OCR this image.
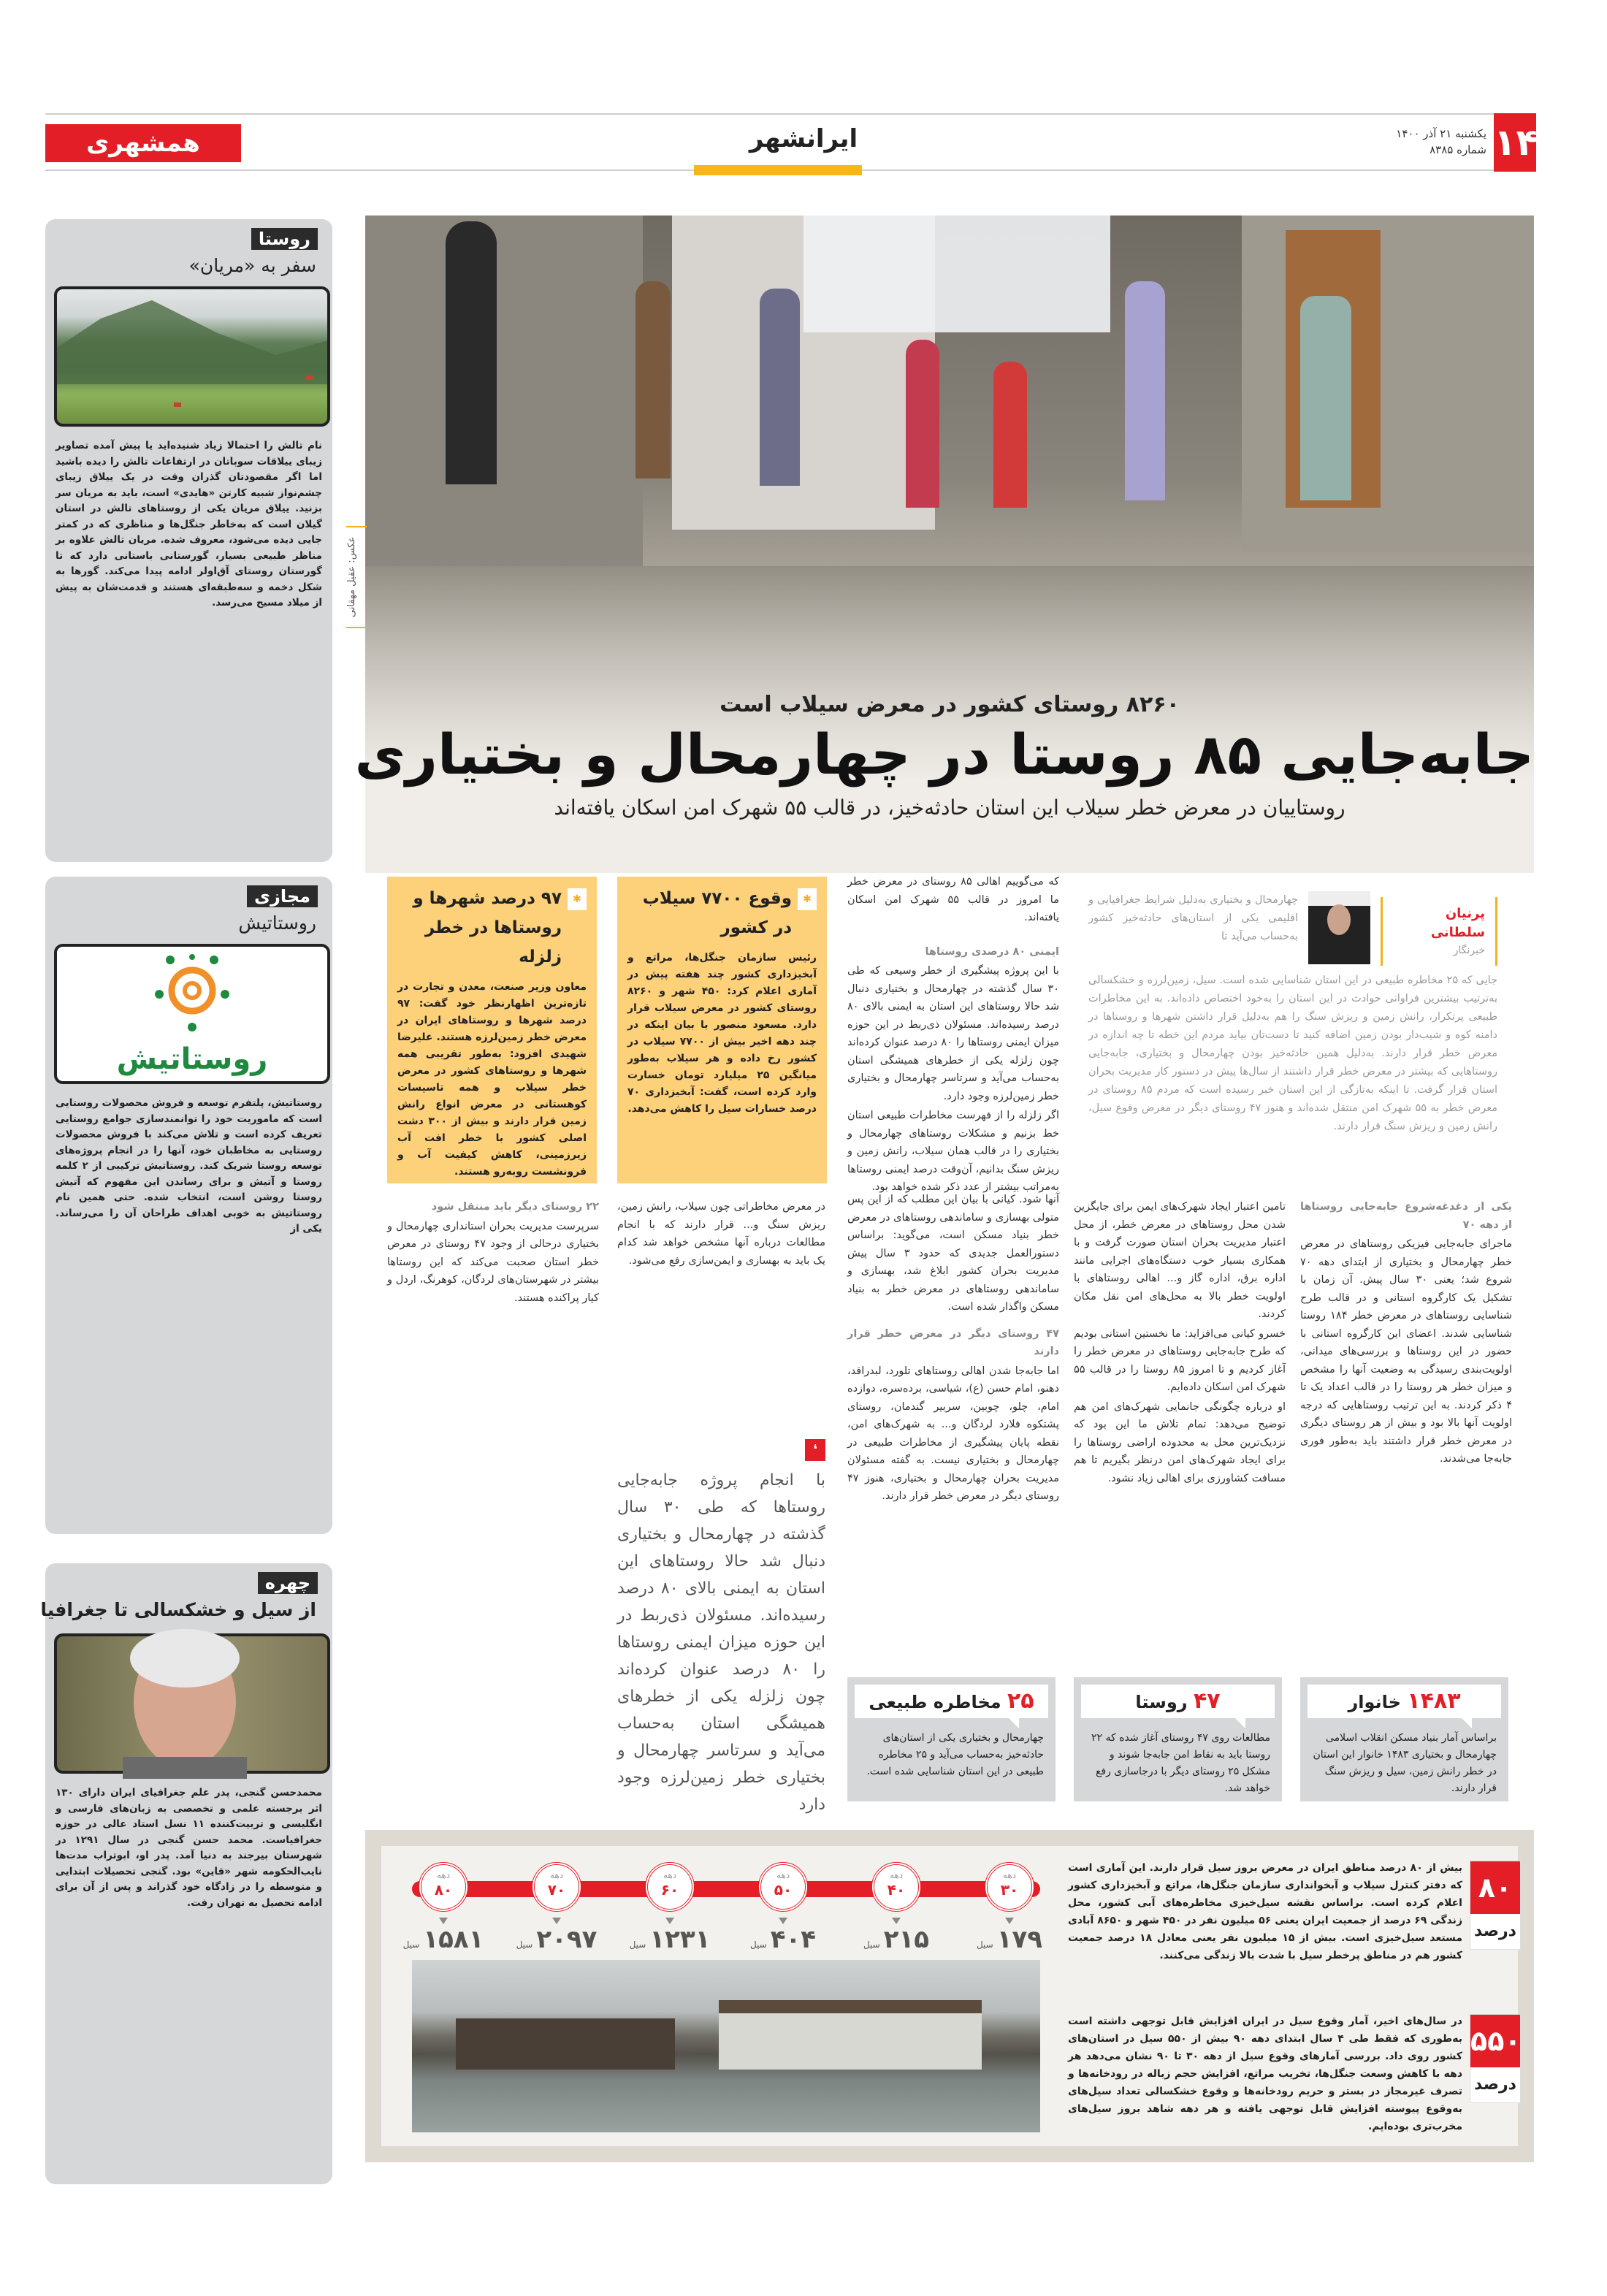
۱۴
یکشنبه ۲۱ آذر ۱۴۰۰
شماره ۸۳۸۵
ایرانشهر
همشهری
روستا
سفر به «مریان»
نام تالش را احتمالا زیاد شنیده‌اید یا پیش آمده تصاویر زیبای ییلاقات سوباتان در ارتفاعات تالش را دیده باشید اما اگر مقصودتان گذران وقت در یک ییلاق زیبای چشم‌نواز شبیه کارتن «هایدی» است، باید به مریان سر بزنید. ییلاق مریان یکی از روستاهای تالش در استان گیلان است که به‌خاطر جنگل‌ها و مناظری که در کمتر جایی دیده می‌شود، معروف شده. مریان تالش علاوه بر مناظر طبیعی بسیار، گورستانی باستانی دارد که تا گورستان روستای آق‌اولر ادامه پیدا می‌کند. گورها به شکل دخمه و سه‌طبقه‌ای هستند و قدمت‌شان به پیش از میلاد مسیح می‌رسد.
مجازی
روستاتیش
روستاتیش
روستاتیش، پلتفرم توسعه و فروش محصولات روستایی است که ماموریت خود را توانمندسازی جوامع روستایی تعریف کرده است و تلاش می‌کند با فروش محصولات روستایی به مخاطبان خود، آنها را در انجام پروژه‌های توسعه روستا شریک کند. روستاتیش ترکیبی از ۲ کلمه روستا و آتیش و برای رساندن این مفهوم که آتیش روستا روشن است، انتخاب شده. حتی همین نام روستاتیش به خوبی اهداف طراحان آن را می‌رساند. یکی از
چهره
از سیل و خشکسالی تا جغرافیا
محمدحسن گنجی، پدر علم جغرافیای ایران دارای ۱۳۰ اثر برجسته علمی و تخصصی به زبان‌های فارسی و انگلیسی و تربیت‌کننده ۱۱ نسل استاد عالی در حوزه جغرافیاست. محمد حسن گنجی در سال ۱۲۹۱ در شهرستان بیرجند به دنیا آمد. پدر او، ابوتراب مدت‌ها نایب‌الحکومه شهر «قاین» بود. گنجی تحصیلات ابتدایی و متوسطه را در زادگاه خود گذراند و پس از آن برای ادامه تحصیل به تهران رفت.
عکس: عقیل مهقانی
۸۲۶۰ روستای کشور در معرض سیلاب است
جابه‌جایی ۸۵ روستا در چهارمحال و بختیاری
روستاییان در معرض خطر سیلاب این استان حادثه‌خیز، در قالب ۵۵ شهرک امن اسکان یافته‌اند
پرنیان سلطانی
خبرنگار
چهارمحال و بختیاری به‌دلیل شرایط جغرافیایی و اقلیمی یکی از استان‌های حادثه‌خیز کشور به‌حساب می‌آید تا
جایی که ۲۵ مخاطره طبیعی در این استان شناسایی شده است. سیل، زمین‌لرزه و خشکسالی به‌ترتیب بیشترین فراوانی حوادث در این استان را به‌خود اختصاص داده‌اند. به این مخاطرات طبیعی پرتکرار، رانش زمین و ریزش سنگ را هم به‌دلیل قرار داشتن شهرها و روستاها در دامنه کوه و شیب‌دار بودن زمین اضافه کنید تا دست‌تان بیاید مردم این خطه تا چه اندازه در معرض خطر قرار دارند. به‌دلیل همین حادثه‌خیز بودن چهارمحال و بختیاری، جابه‌جایی روستاهایی که بیشتر در معرض خطر قرار داشتند از سال‌ها پیش در دستور کار مدیریت بحران استان قرار گرفت. تا اینکه به‌تازگی از این استان خبر رسیده است که مردم ۸۵ روستای در معرض خطر به ۵۵ شهرک امن منتقل شده‌اند و هنوز ۴۷ روستای دیگر در معرض وقوع سیل، رانش زمین و ریزش سنگ قرار دارند.

که می‌گوییم اهالی ۸۵ روستای در معرض خطر ما امروز در قالب ۵۵ شهرک امن اسکان یافته‌اند.

ایمنی ۸۰ درصدی روستاها

با این پروژه پیشگیری از خطر وسیعی که طی ۳۰ سال گذشته در چهارمحال و بختیاری دنبال شد حالا روستاهای این استان به ایمنی بالای ۸۰ درصد رسیده‌اند. مسئولان ذی‌ربط در این حوزه میزان ایمنی روستاها را ۸۰ درصد عنوان کرده‌اند چون زلزله یکی از خطرهای همیشگی استان به‌حساب می‌آید و سرتاسر چهارمحال و بختیاری خطر زمین‌لرزه وجود دارد.

اگر زلزله را از فهرست مخاطرات طبیعی استان خط بزنیم و مشکلات روستاهای چهارمحال و بختیاری را در قالب همان سیلاب، رانش زمین و ریزش سنگ بدانیم، آن‌وقت درصد ایمنی روستاها به‌مراتب بیشتر از عدد ذکر شده خواهد بود.

✱
وقوع ۷۷۰۰ سیلاب در کشور
رئیس سازمان جنگل‌ها، مراتع و آبخیزداری کشور چند هفته پیش در آماری اعلام کرد: ۴۵۰ شهر و ۸۲۶۰ روستای کشور در معرض سیلاب قرار دارد. مسعود منصور با بیان اینکه در چند دهه اخیر بیش از ۷۷۰۰ سیلاب در کشور رخ داده و هر سیلاب به‌طور میانگین ۲۵ میلیارد تومان خسارت وارد کرده است، گفت: آبخیزداری ۷۰ درصد خسارات سیل را کاهش می‌دهد.
✱
۹۷ درصد شهرها و روستاها در خطر زلزله
معاون وزیر صنعت، معدن و تجارت در تازه‌ترین اظهارنظر خود گفت: ۹۷ درصد شهرها و روستاهای ایران در معرض خطر زمین‌لرزه هستند. علیرضا شهیدی افزود: به‌طور تقریبی همه شهرها و روستاهای کشور در معرض خطر سیلاب و همه تاسیسات کوهستانی در معرض انواع رانش زمین قرار دارند و بیش از ۳۰۰ دشت اصلی کشور با خطر افت آب زیرزمینی، کاهش کیفیت آب و فرونشست روبه‌رو هستند.

یکی از دغدغه‌شروع جابه‌جایی روستاها از دهه ۷۰

ماجرای جابه‌جایی فیزیکی روستاهای در معرض خطر چهارمحال و بختیاری از ابتدای دهه ۷۰ شروع شد؛ یعنی ۳۰ سال پیش. آن زمان با تشکیل یک کارگروه استانی و در قالب طرح شناسایی روستاهای در معرض خطر ۱۸۴ روستا شناسایی شدند. اعضای این کارگروه استانی با حضور در این روستاها و بررسی‌های میدانی، اولویت‌بندی رسیدگی به وضعیت آنها را مشخص و میزان خطر هر روستا را در قالب اعداد یک تا ۴ ذکر کردند. به این ترتیب روستاهایی که درجه اولویت آنها بالا بود و بیش از هر روستای دیگری در معرض خطر قرار داشتند باید به‌طور فوری جابه‌جا می‌شدند.

تامین اعتبار ایجاد شهرک‌های ایمن برای جایگزین شدن محل روستاهای در معرض خطر، از محل اعتبار مدیریت بحران استان صورت گرفت و با همکاری بسیار خوب دستگاه‌های اجرایی مانند اداره برق، اداره گاز و... اهالی روستاهای با اولویت خطر بالا به محل‌های امن نقل مکان کردند.

خسرو کیانی می‌افزاید: ما نخستین استانی بودیم که طرح جابه‌جایی روستاهای در معرض خطر را آغاز کردیم و تا امروز ۸۵ روستا را در قالب ۵۵ شهرک امن اسکان داده‌ایم.

او درباره چگونگی جانمایی شهرک‌های امن هم توضیح می‌دهد: تمام تلاش ما این بود که نزدیک‌ترین محل به محدوده اراضی روستاها را برای ایجاد شهرک‌های امن درنظر بگیریم تا هم مسافت کشاورزی برای اهالی زیاد نشود.

آنها شود. کیانی با بیان این مطلب که از این پس متولی بهسازی و ساماندهی روستاهای در معرض خطر بنیاد مسکن است، می‌گوید: براساس دستورالعمل جدیدی که حدود ۳ سال پیش مدیریت بحران کشور ابلاغ شد، بهسازی و ساماندهی روستاهای در معرض خطر به بنیاد مسکن واگذار شده است.

۴۷ روستای دیگر در معرض خطر قرار دارند

اما جابه‌جا شدن اهالی روستاهای تلورد، لبدراقد، دهنو، امام حسن (ع)، شیاسی، برده‌سره، دوازده امام، چلو، چوبین، سربیر گندمان، روستای پشتکوه فلارد لردگان و... به شهرک‌های امن، نقطه پایان پیشگیری از مخاطرات طبیعی در چهارمحال و بختیاری نیست. به گفته مسئولان مدیریت بحران چهارمحال و بختیاری، هنوز ۴۷ روستای دیگر در معرض خطر قرار دارند.

در معرض مخاطراتی چون سیلاب، رانش زمین، ریزش سنگ و... قرار دارند که با انجام مطالعات درباره آنها مشخص خواهد شد کدام یک باید به بهسازی و ایمن‌سازی رفع می‌شود.

❛
با انجام پروژه جابه‌جایی روستاها که طی ۳۰ سال گذشته در چهارمحال و بختیاری دنبال شد حالا روستاهای این استان به ایمنی بالای ۸۰ درصد رسیده‌اند. مسئولان ذی‌ربط در این حوزه میزان ایمنی روستاها را ۸۰ درصد عنوان کرده‌اند چون زلزله یکی از خطرهای همیشگی استان به‌حساب می‌آید و سرتاسر چهارمحال و بختیاری خطر زمین‌لرزه وجود دارد

۲۲ روستای دیگر باید منتقل شود

سرپرست مدیریت بحران استانداری چهارمحال و بختیاری درحالی از وجود ۴۷ روستای در معرض خطر استان صحبت می‌کند که این روستاها بیشتر در شهرستان‌های لردگان، کوهرنگ، اردل و کیار پراکنده هستند.

۱۴۸۳ خانوار
براساس آمار بنیاد مسکن انقلاب اسلامی چهارمحال و بختیاری ۱۴۸۳ خانوار این استان در خطر رانش زمین، سیل و ریزش سنگ قرار دارند.
۴۷ روستا
مطالعات روی ۴۷ روستای آغاز شده که ۲۲ روستا باید به نقاط امن جابه‌جا شوند و مشکل ۲۵ روستای دیگر با درجاسازی رفع خواهد شد.
۲۵ مخاطره طبیعی
چهارمحال و بختیاری یکی از استان‌های حادثه‌خیز به‌حساب می‌آید و ۲۵ مخاطره طبیعی در این استان شناسایی شده است.
دهه
۳۰
۱۷۹ سیل
دهه
۴۰
۲۱۵ سیل
دهه
۵۰
۴۰۴ سیل
دهه
۶۰
۱۲۳۱ سیل
دهه
۷۰
۲۰۹۷ سیل
دهه
۸۰
۱۵۸۱ سیل
۸۰
درصد
بیش از ۸۰ درصد مناطق ایران در معرض بروز سیل قرار دارند. این آماری است که دفتر کنترل سیلاب و آبخوانداری سازمان جنگل‌ها، مراتع و آبخیزداری کشور اعلام کرده است. براساس نقشه سیل‌خیزی مخاطره‌های آبی کشور، محل زندگی ۶۹ درصد از جمعیت ایران یعنی ۵۶ میلیون نفر در ۴۵۰ شهر و ۸۶۵۰ آبادی مستعد سیل‌خیزی است. بیش از ۱۵ میلیون نفر یعنی معادل ۱۸ درصد جمعیت کشور هم در مناطق پرخطر سیل با شدت بالا زندگی می‌کنند.
۵۵۰
درصد
در سال‌های اخیر، آمار وقوع سیل در ایران افزایش قابل توجهی داشته است به‌طوری که فقط طی ۴ سال ابتدای دهه ۹۰ بیش از ۵۵۰ سیل در استان‌های کشور روی داد. بررسی آمارهای وقوع سیل از دهه ۳۰ تا ۹۰ نشان می‌دهد هر دهه با کاهش وسعت جنگل‌ها، تخریب مراتع، افزایش حجم زباله در رودخانه‌ها و تصرف غیرمجاز در بستر و حریم رودخانه‌ها و وقوع خشکسالی تعداد سیل‌های به‌وقوع پیوسته افزایش قابل توجهی یافته و هر دهه شاهد بروز سیل‌های مخرب‌تری بوده‌ایم.
